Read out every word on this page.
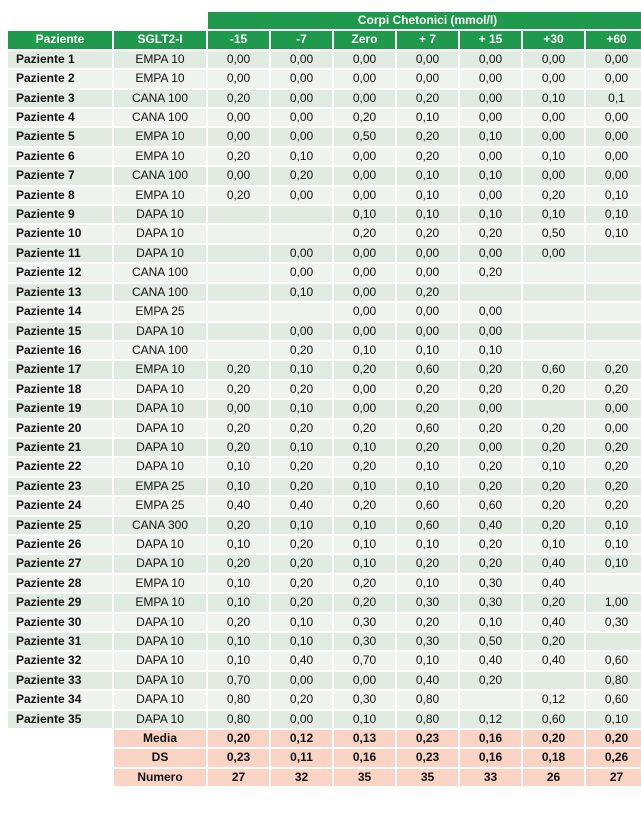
		Corpi Chetonici (mmol/l)						
Paziente	SGLT2-I	-15	-7	Zero	+ 7	+ 15	+30	+60
Paziente 1	EMPA 10	0,00	0,00	0,00	0,00	0,00	0,00	0,00
Paziente 2	EMPA 10	0,00	0,00	0,00	0,00	0,00	0,00	0,00
Paziente 3	CANA 100	0,20	0,00	0,00	0,20	0,00	0,10	0,1
Paziente 4	CANA 100	0,00	0,00	0,20	0,10	0,00	0,00	0,00
Paziente 5	EMPA 10	0,00	0,00	0,50	0,20	0,10	0,00	0,00
Paziente 6	EMPA 10	0,20	0,10	0,00	0,20	0,00	0,10	0,00
Paziente 7	CANA 100	0,00	0,20	0,00	0,10	0,10	0,00	0,00
Paziente 8	EMPA 10	0,20	0,00	0,00	0,10	0,00	0,20	0,10
Paziente 9	DAPA 10			0,10	0,10	0,10	0,10	0,10
Paziente 10	DAPA 10			0,20	0,20	0,20	0,50	0,10
Paziente 11	DAPA 10		0,00	0,00	0,00	0,00	0,00	
Paziente 12	CANA 100		0,00	0,00	0,00	0,20		
Paziente 13	CANA 100		0,10	0,00	0,20			
Paziente 14	EMPA 25			0,00	0,00	0,00		
Paziente 15	DAPA 10		0,00	0,00	0,00	0,00		
Paziente 16	CANA 100		0,20	0,10	0,10	0,10		
Paziente 17	EMPA 10	0,20	0,10	0,20	0,60	0,20	0,60	0,20
Paziente 18	DAPA 10	0,20	0,20	0,00	0,20	0,20	0,20	0,20
Paziente 19	DAPA 10	0,00	0,10	0,00	0,20	0,00		0,00
Paziente 20	DAPA 10	0,20	0,20	0,20	0,60	0,20	0,20	0,00
Paziente 21	DAPA 10	0,20	0,10	0,10	0,20	0,00	0,20	0,20
Paziente 22	DAPA 10	0,10	0,20	0,20	0,10	0,20	0,10	0,20
Paziente 23	EMPA 25	0,10	0,20	0,10	0,10	0,20	0,20	0,20
Paziente 24	EMPA 25	0,40	0,40	0,20	0,60	0,60	0,20	0,20
Paziente 25	CANA 300	0,20	0,10	0,10	0,60	0,40	0,20	0,10
Paziente 26	DAPA 10	0,10	0,20	0,10	0,10	0,20	0,10	0,10
Paziente 27	DAPA 10	0,20	0,20	0,10	0,20	0,20	0,40	0,10
Paziente 28	EMPA 10	0,10	0,20	0,20	0,10	0,30	0,40	
Paziente 29	EMPA 10	0,10	0,20	0,20	0,30	0,30	0,20	1,00
Paziente 30	DAPA 10	0,20	0,10	0,30	0,20	0,10	0,40	0,30
Paziente 31	DAPA 10	0,10	0,10	0,30	0,30	0,50	0,20	
Paziente 32	DAPA 10	0,10	0,40	0,70	0,10	0,40	0,40	0,60
Paziente 33	DAPA 10	0,70	0,00	0,00	0,40	0,20		0,80
Paziente 34	DAPA 10	0,80	0,20	0,30	0,80		0,12	0,60
Paziente 35	DAPA 10	0,80	0,00	0,10	0,80	0,12	0,60	0,10
	Media	0,20	0,12	0,13	0,23	0,16	0,20	0,20
	DS	0,23	0,11	0,16	0,23	0,16	0,18	0,26
	Numero	27	32	35	35	33	26	27
